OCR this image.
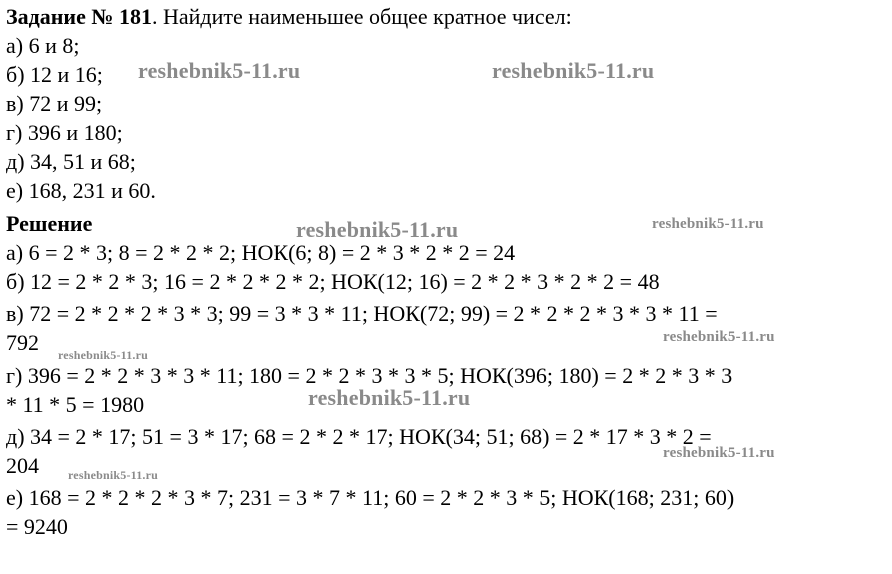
Задание № 181. Найдите наименьшее общее кратное чисел:
а) 6 и 8;
б) 12 и 16;
в) 72 и 99;
г) 396 и 180;
д) 34, 51 и 68;
е) 168, 231 и 60.
Решение
а) 6 = 2 * 3; 8 = 2 * 2 * 2; НОК(6; 8) = 2 * 3 * 2 * 2 = 24
б) 12 = 2 * 2 * 3; 16 = 2 * 2 * 2 * 2; НОК(12; 16) = 2 * 2 * 3 * 2 * 2 = 48
в) 72 = 2 * 2 * 2 * 3 * 3; 99 = 3 * 3 * 11; НОК(72; 99) = 2 * 2 * 2 * 3 * 3 * 11 =
792
г) 396 = 2 * 2 * 3 * 3 * 11; 180 = 2 * 2 * 3 * 3 * 5; НОК(396; 180) = 2 * 2 * 3 * 3
* 11 * 5 = 1980
д) 34 = 2 * 17; 51 = 3 * 17; 68 = 2 * 2 * 17; НОК(34; 51; 68) = 2 * 17 * 3 * 2 =
204
е) 168 = 2 * 2 * 2 * 3 * 7; 231 = 3 * 7 * 11; 60 = 2 * 2 * 3 * 5; НОК(168; 231; 60)
= 9240
reshebnik5-11.ru	reshebnik5-11.ru
reshebnik5-11.ru	reshebnik5-11.ru
reshebnik5-11.ru
reshebnik5-11.ru
reshebnik5-11.ru
reshebnik5-11.ru
reshebnik5-11.ru
